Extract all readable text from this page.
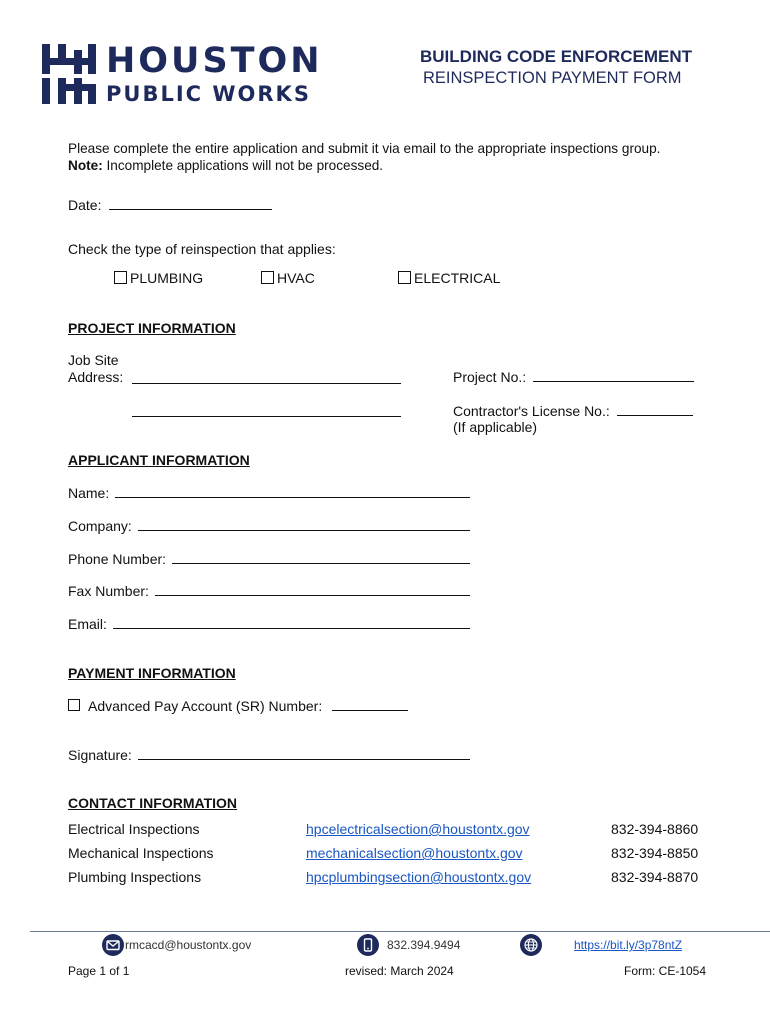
HOUSTON
PUBLIC WORKS
BUILDING CODE ENFORCEMENT
REINSPECTION PAYMENT FORM
Please complete the entire application and submit it via email to the appropriate inspections group.
Note: Incomplete applications will not be processed.
Date:
Check the type of reinspection that applies:
PLUMBING	HVAC	ELECTRICAL
PROJECT INFORMATION
Job Site
Address:	Project No.:
Contractor's License No.:
(If applicable)
APPLICANT INFORMATION
Name:
Company:
Phone Number:
Fax Number:
Email:
PAYMENT INFORMATION
Advanced Pay Account (SR) Number:
Signature:
CONTACT INFORMATION
Electrical Inspections	hpcelectricalsection@houstontx.gov	832-394-8860
Mechanical Inspections	mechanicalsection@houstontx.gov	832-394-8850
Plumbing Inspections	hpcplumbingsection@houstontx.gov	832-394-8870
rmcacd@houstontx.gov	832.394.9494	https://bit.ly/3p78ntZ
Page 1 of 1	revised: March 2024	Form: CE-1054
